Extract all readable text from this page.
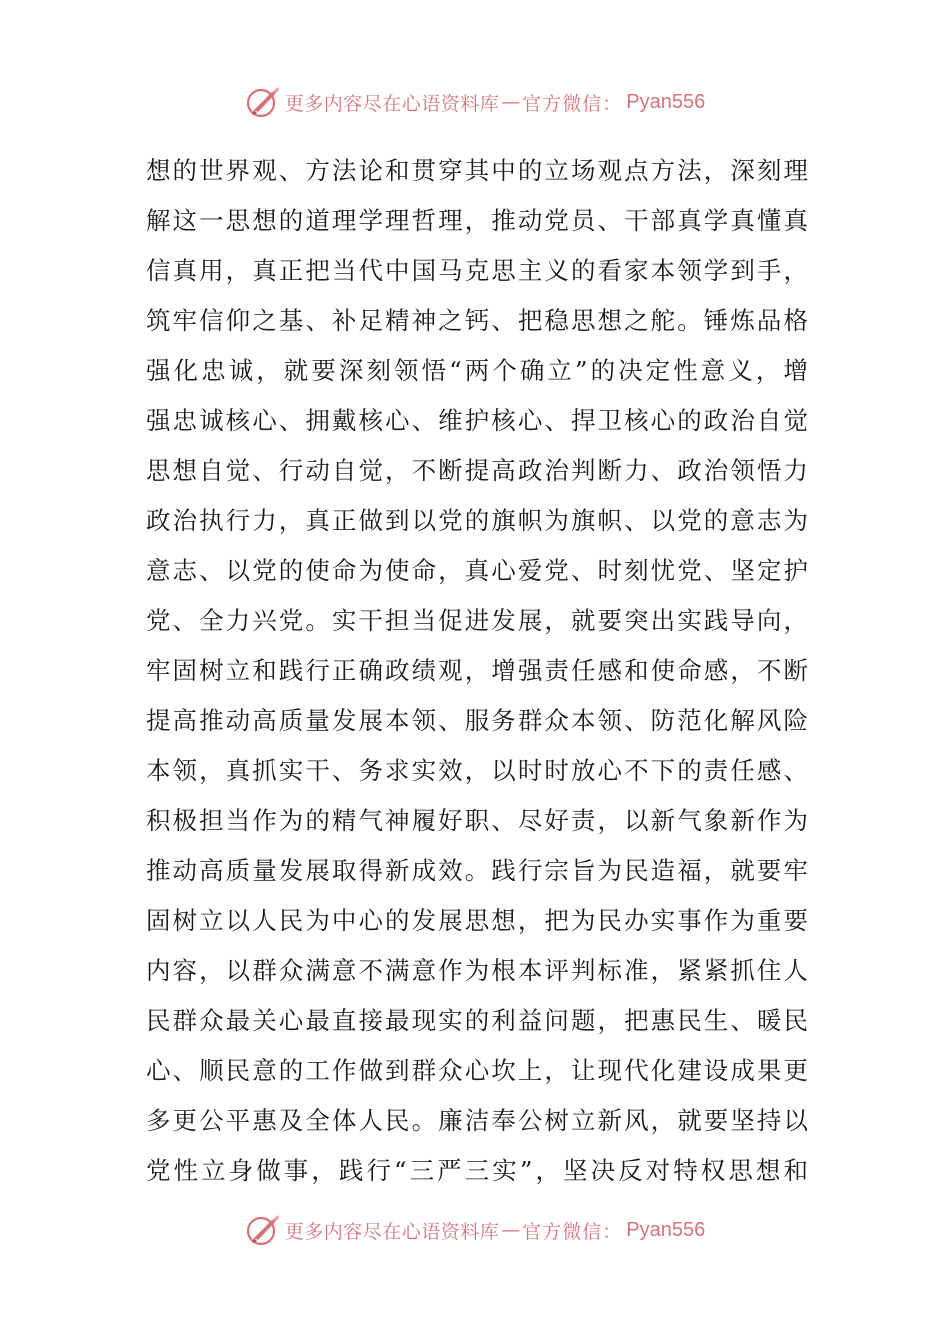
更多内容尽在心语资料库 — 官方微信： Pyan556
想的世界观、方法论和贯穿其中的立场观点方法，深刻理
解这一思想的道理学理哲理，推动党员、干部真学真懂真
信真用，真正把当代中国马克思主义的看家本领学到手，
筑牢信仰之基、补足精神之钙、把稳思想之舵。锤炼品格
强化忠诚，就要深刻领悟“两个确立”的决定性意义，增
强忠诚核心、拥戴核心、维护核心、捍卫核心的政治自觉
思想自觉、行动自觉，不断提高政治判断力、政治领悟力
政治执行力，真正做到以党的旗帜为旗帜、以党的意志为
意志、以党的使命为使命，真心爱党、时刻忧党、坚定护
党、全力兴党。实干担当促进发展，就要突出实践导向，
牢固树立和践行正确政绩观，增强责任感和使命感，不断
提高推动高质量发展本领、服务群众本领、防范化解风险
本领，真抓实干、务求实效，以时时放心不下的责任感、
积极担当作为的精气神履好职、尽好责，以新气象新作为
推动高质量发展取得新成效。践行宗旨为民造福，就要牢
固树立以人民为中心的发展思想，把为民办实事作为重要
内容，以群众满意不满意作为根本评判标准，紧紧抓住人
民群众最关心最直接最现实的利益问题，把惠民生、暖民
心、顺民意的工作做到群众心坎上，让现代化建设成果更
多更公平惠及全体人民。廉洁奉公树立新风，就要坚持以
党性立身做事，践行“三严三实”，坚决反对特权思想和
更多内容尽在心语资料库 — 官方微信： Pyan556
